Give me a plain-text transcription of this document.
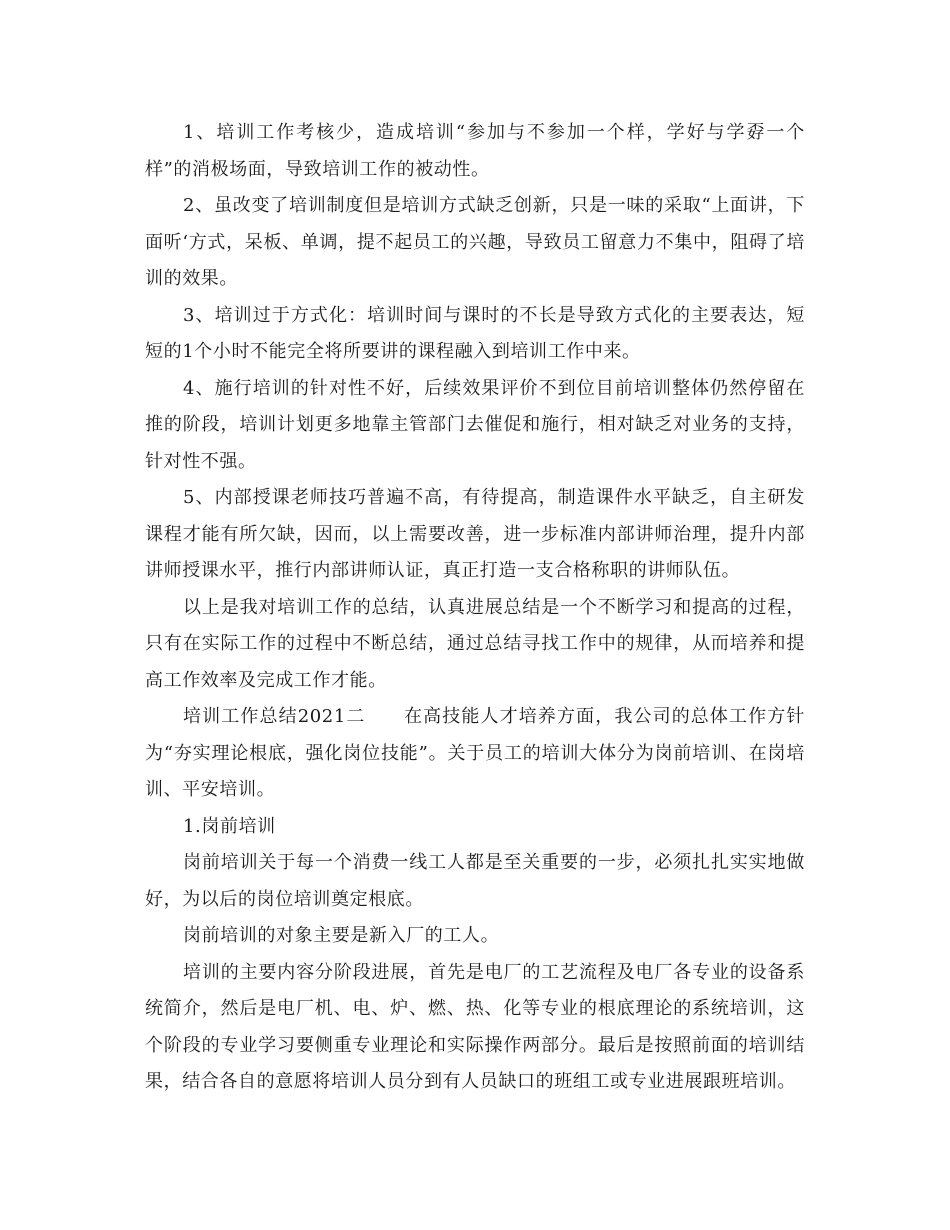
1、培训工作考核少，造成培训“参加与不参加一个样，学好与学孬一个样”的消极场面，导致培训工作的被动性。

2、虽改变了培训制度但是培训方式缺乏创新，只是一味的采取“上面讲，下面听‘方式，呆板、单调，提不起员工的兴趣，导致员工留意力不集中，阻碍了培训的效果。

3、培训过于方式化：培训时间与课时的不长是导致方式化的主要表达，短短的1个小时不能完全将所要讲的课程融入到培训工作中来。

4、施行培训的针对性不好，后续效果评价不到位目前培训整体仍然停留在推的阶段，培训计划更多地靠主管部门去催促和施行，相对缺乏对业务的支持，针对性不强。

5、内部授课老师技巧普遍不高，有待提高，制造课件水平缺乏，自主研发课程才能有所欠缺，因而，以上需要改善，进一步标准内部讲师治理，提升内部讲师授课水平，推行内部讲师认证，真正打造一支合格称职的讲师队伍。

以上是我对培训工作的总结，认真进展总结是一个不断学习和提高的过程，只有在实际工作的过程中不断总结，通过总结寻找工作中的规律，从而培养和提高工作效率及完成工作才能。

培训工作总结2021二 在高技能人才培养方面，我公司的总体工作方针为“夯实理论根底，强化岗位技能”。关于员工的培训大体分为岗前培训、在岗培训、平安培训。

1.岗前培训

岗前培训关于每一个消费一线工人都是至关重要的一步，必须扎扎实实地做好，为以后的岗位培训奠定根底。

岗前培训的对象主要是新入厂的工人。

培训的主要内容分阶段进展，首先是电厂的工艺流程及电厂各专业的设备系统简介，然后是电厂机、电、炉、燃、热、化等专业的根底理论的系统培训，这个阶段的专业学习要侧重专业理论和实际操作两部分。最后是按照前面的培训结果，结合各自的意愿将培训人员分到有人员缺口的班组工或专业进展跟班培训。
